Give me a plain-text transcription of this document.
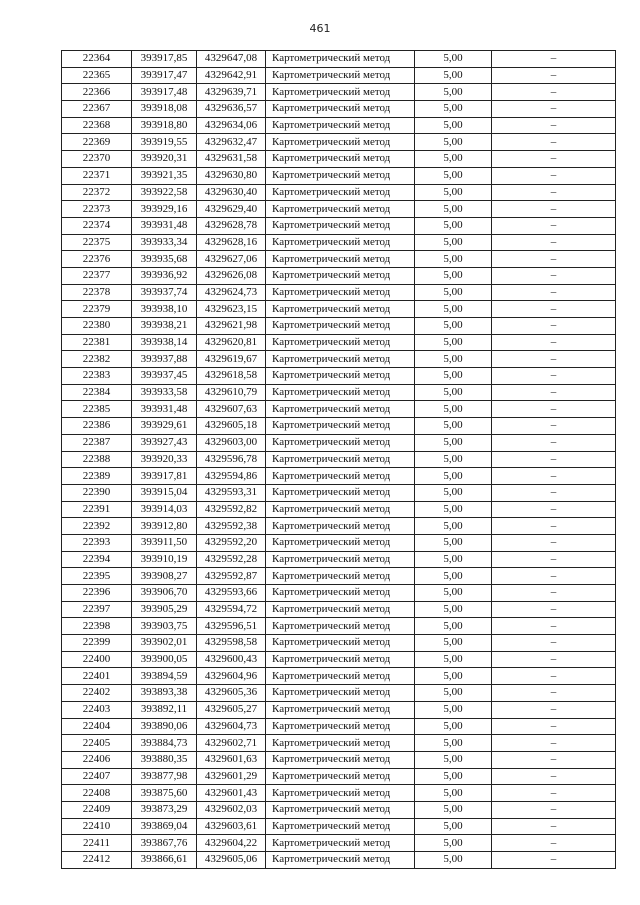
461
22364	393917,85	4329647,08	Картометрический метод	5,00	–
22365	393917,47	4329642,91	Картометрический метод	5,00	–
22366	393917,48	4329639,71	Картометрический метод	5,00	–
22367	393918,08	4329636,57	Картометрический метод	5,00	–
22368	393918,80	4329634,06	Картометрический метод	5,00	–
22369	393919,55	4329632,47	Картометрический метод	5,00	–
22370	393920,31	4329631,58	Картометрический метод	5,00	–
22371	393921,35	4329630,80	Картометрический метод	5,00	–
22372	393922,58	4329630,40	Картометрический метод	5,00	–
22373	393929,16	4329629,40	Картометрический метод	5,00	–
22374	393931,48	4329628,78	Картометрический метод	5,00	–
22375	393933,34	4329628,16	Картометрический метод	5,00	–
22376	393935,68	4329627,06	Картометрический метод	5,00	–
22377	393936,92	4329626,08	Картометрический метод	5,00	–
22378	393937,74	4329624,73	Картометрический метод	5,00	–
22379	393938,10	4329623,15	Картометрический метод	5,00	–
22380	393938,21	4329621,98	Картометрический метод	5,00	–
22381	393938,14	4329620,81	Картометрический метод	5,00	–
22382	393937,88	4329619,67	Картометрический метод	5,00	–
22383	393937,45	4329618,58	Картометрический метод	5,00	–
22384	393933,58	4329610,79	Картометрический метод	5,00	–
22385	393931,48	4329607,63	Картометрический метод	5,00	–
22386	393929,61	4329605,18	Картометрический метод	5,00	–
22387	393927,43	4329603,00	Картометрический метод	5,00	–
22388	393920,33	4329596,78	Картометрический метод	5,00	–
22389	393917,81	4329594,86	Картометрический метод	5,00	–
22390	393915,04	4329593,31	Картометрический метод	5,00	–
22391	393914,03	4329592,82	Картометрический метод	5,00	–
22392	393912,80	4329592,38	Картометрический метод	5,00	–
22393	393911,50	4329592,20	Картометрический метод	5,00	–
22394	393910,19	4329592,28	Картометрический метод	5,00	–
22395	393908,27	4329592,87	Картометрический метод	5,00	–
22396	393906,70	4329593,66	Картометрический метод	5,00	–
22397	393905,29	4329594,72	Картометрический метод	5,00	–
22398	393903,75	4329596,51	Картометрический метод	5,00	–
22399	393902,01	4329598,58	Картометрический метод	5,00	–
22400	393900,05	4329600,43	Картометрический метод	5,00	–
22401	393894,59	4329604,96	Картометрический метод	5,00	–
22402	393893,38	4329605,36	Картометрический метод	5,00	–
22403	393892,11	4329605,27	Картометрический метод	5,00	–
22404	393890,06	4329604,73	Картометрический метод	5,00	–
22405	393884,73	4329602,71	Картометрический метод	5,00	–
22406	393880,35	4329601,63	Картометрический метод	5,00	–
22407	393877,98	4329601,29	Картометрический метод	5,00	–
22408	393875,60	4329601,43	Картометрический метод	5,00	–
22409	393873,29	4329602,03	Картометрический метод	5,00	–
22410	393869,04	4329603,61	Картометрический метод	5,00	–
22411	393867,76	4329604,22	Картометрический метод	5,00	–
22412	393866,61	4329605,06	Картометрический метод	5,00	–
